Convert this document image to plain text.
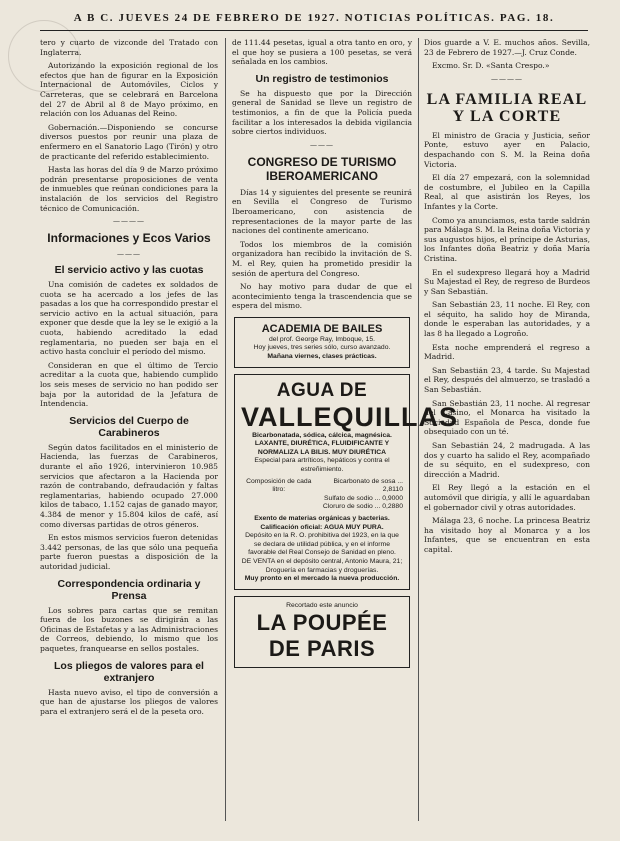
A B C. JUEVES 24 DE FEBRERO DE 1927. NOTICIAS POLÍTICAS. PAG. 18.

tero y cuarto de vizconde del Tratado con Inglaterra.

Autorizando la exposición regional de los efectos que han de figurar en la Exposición Internacional de Automóviles, Ciclos y Carreteras, que se celebrará en Barcelona del 27 de Abril al 8 de Mayo próximo, en relación con los Aduanas del Reino.

Gobernación.—Disponiendo se concurse diversos puestos por reunir una plaza de enfermero en el Sanatorio Lago (Tirón) y otro de practicante del referido establecimiento.

Hasta las horas del día 9 de Marzo próximo podrán presentarse proposiciones de venta de inmuebles que reúnan condiciones para la instalación de los servicios del Registro técnico de Comunicación.

————
Informaciones y Ecos Varios
———
El servicio activo y las cuotas

Una comisión de cadetes ex soldados de cuota se ha acercado a los jefes de las pasadas a los que ha correspondido prestar el servicio activo en la actual situación, para exponer que desde que la ley se le exigió a la cuota, habiendo acreditado la edad reglamentaria, no pueden ser baja en el activo hasta concluir el período del mismo.

Consideran en que el último de Tercio acreditar a la cuota que, habiendo cumplido los seis meses de servicio no han podido ser baja por la autoridad de la Jefatura de Intendencia.

Servicios del Cuerpo de Carabineros

Según datos facilitados en el ministerio de Hacienda, las fuerzas de Carabineros, durante el año 1926, intervinieron 10.985 servicios que afectaron a la Hacienda por razón de contrabando, defraudación y faltas reglamentarias, habiendo ocupado 27.000 kilos de tabaco, 1.152 cajas de ganado mayor, 4.384 de menor y 15.804 kilos de café, así como diversas partidas de otros géneros.

En estos mismos servicios fueron detenidas 3.442 personas, de las que sólo una pequeña parte fueron puestas a disposición de la autoridad judicial.

Correspondencia ordinaria y Prensa

Los sobres para cartas que se remitan fuera de los buzones se dirigirán a las Oficinas de Estafetas y a las Administraciones de Correos, debiendo, lo mismo que los paquetes, franquearse en sellos postales.

Los pliegos de valores para el extranjero

Hasta nuevo aviso, el tipo de conversión a que han de ajustarse los pliegos de valores para el extranjero será el de la peseta oro.

de 111.44 pesetas, igual a otra tanto en oro, y el que hoy se pusiera a 100 pesetas, se verá señalada en los cambios.

Un registro de testimonios

Se ha dispuesto que por la Dirección general de Sanidad se lleve un registro de testimonios, a fin de que la Policía pueda facilitar a los interesados la debida vigilancia sobre ciertos individuos.

———
CONGRESO DE TURISMO IBEROAMERICANO

Días 14 y siguientes del presente se reunirá en Sevilla el Congreso de Turismo Iberoamericano, con asistencia de representaciones de la mayor parte de las naciones del continente americano.

Todos los miembros de la comisión organizadora han recibido la invitación de S. M. el Rey, quien ha prometido presidir la sesión de apertura del Congreso.

No hay motivo para dudar de que el acontecimiento tenga la trascendencia que se espera del mismo.

ACADEMIA DE BAILES
del prof. George Ray, Imboque, 15.
Hoy jueves, tres series sólo, curso avanzado.
Mañana viernes, clases prácticas.
AGUA DE
VALLEQUILLAS
Bicarbonatada, sódica, cálcica, magnésica.
LAXANTE, DIURÉTICA, FLUIDIFICANTE Y NORMALIZA LA BILIS. MUY DIURÉTICA
Especial para artríticos, hepáticos y contra el estreñimiento.
Composición de cada litro:
Bicarbonato de sosa ... 2,8110
Sulfato de sodio ... 0,9000
Cloruro de sodio ... 0,2880
Exento de materias orgánicas y bacterias.
Calificación oficial: AGUA MUY PURA.
Depósito en la R. O. prohibitiva del 1923, en la que se declara de utilidad pública, y en el informe favorable del Real Consejo de Sanidad en pleno.
DE VENTA en el depósito central, Antonio Maura, 21; Droguería en farmacias y droguerías.
Muy pronto en el mercado la nueva producción.
Recortado este anuncio
LA POUPÉE DE PARIS

Dios guarde a V. E. muchos años. Sevilla, 23 de Febrero de 1927.—J. Cruz Conde.

Excmo. Sr. D. «Santa Crespo.»

————
LA FAMILIA REAL Y LA CORTE

El ministro de Gracia y Justicia, señor Ponte, estuvo ayer en Palacio, despachando con S. M. la Reina doña Victoria.

El día 27 empezará, con la solemnidad de costumbre, el Jubileo en la Capilla Real, al que asistirán los Reyes, los Infantes y la Corte.

Como ya anunciamos, esta tarde saldrán para Málaga S. M. la Reina doña Victoria y sus augustos hijos, el príncipe de Asturias, los Infantes doña Beatriz y doña María Cristina.

En el sudexpreso llegará hoy a Madrid Su Majestad el Rey, de regreso de Burdeos y San Sebastián.

San Sebastián 23, 11 noche. El Rey, con el séquito, ha salido hoy de Miranda, donde le esperaban las autoridades, y a las 8 ha llegado a Logroño.

Esta noche emprenderá el regreso a Madrid.

San Sebastián 23, 4 tarde. Su Majestad el Rey, después del almuerzo, se trasladó a San Sebastián.

San Sebastián 23, 11 noche. Al regresar del Casino, el Monarca ha visitado la Sociedad Española de Pesca, donde fue obsequiado con un té.

San Sebastián 24, 2 madrugada. A las dos y cuarto ha salido el Rey, acompañado de su séquito, en el sudexpreso, con dirección a Madrid.

El Rey llegó a la estación en el automóvil que dirigía, y allí le aguardaban el gobernador civil y otras autoridades.

Málaga 23, 6 noche. La princesa Beatriz ha visitado hoy al Monarca y a los Infantes, que se encuentran en esta capital.
